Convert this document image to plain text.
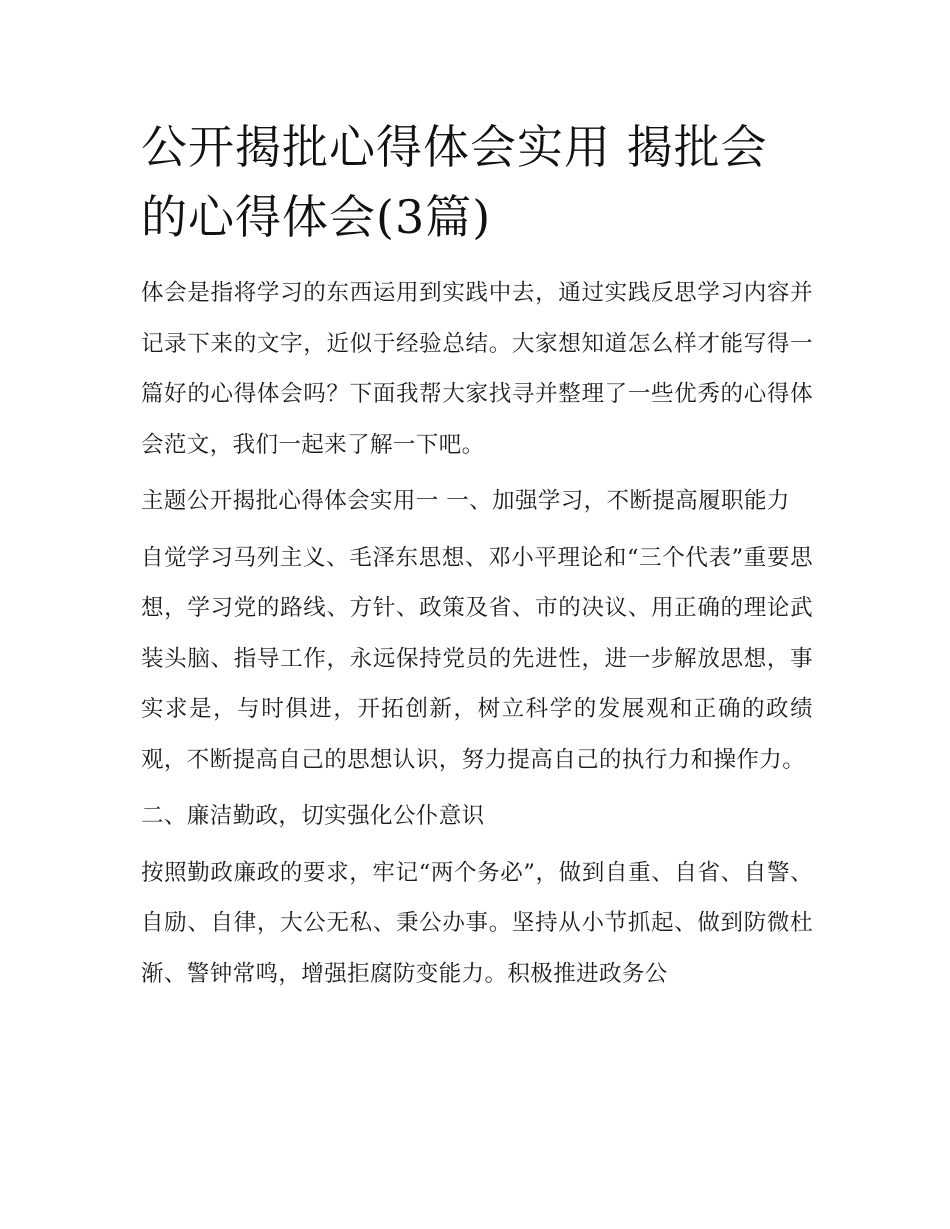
公开揭批心得体会实用 揭批会的心得体会(3篇)

体会是指将学习的东西运用到实践中去，通过实践反思学习内容并记录下来的文字，近似于经验总结。大家想知道怎么样才能写得一篇好的心得体会吗？下面我帮大家找寻并整理了一些优秀的心得体会范文，我们一起来了解一下吧。

主题公开揭批心得体会实用一 一、加强学习，不断提高履职能力

自觉学习马列主义、毛泽东思想、邓小平理论和“三个代表”重要思想，学习党的路线、方针、政策及省、市的决议、用正确的理论武装头脑、指导工作，永远保持党员的先进性，进一步解放思想，事实求是，与时俱进，开拓创新，树立科学的发展观和正确的政绩观，不断提高自己的思想认识，努力提高自己的执行力和操作力。

二、廉洁勤政，切实强化公仆意识

按照勤政廉政的要求，牢记“两个务必”，做到自重、自省、自警、自励、自律，大公无私、秉公办事。坚持从小节抓起、做到防微杜渐、警钟常鸣，增强拒腐防变能力。积极推进政务公
